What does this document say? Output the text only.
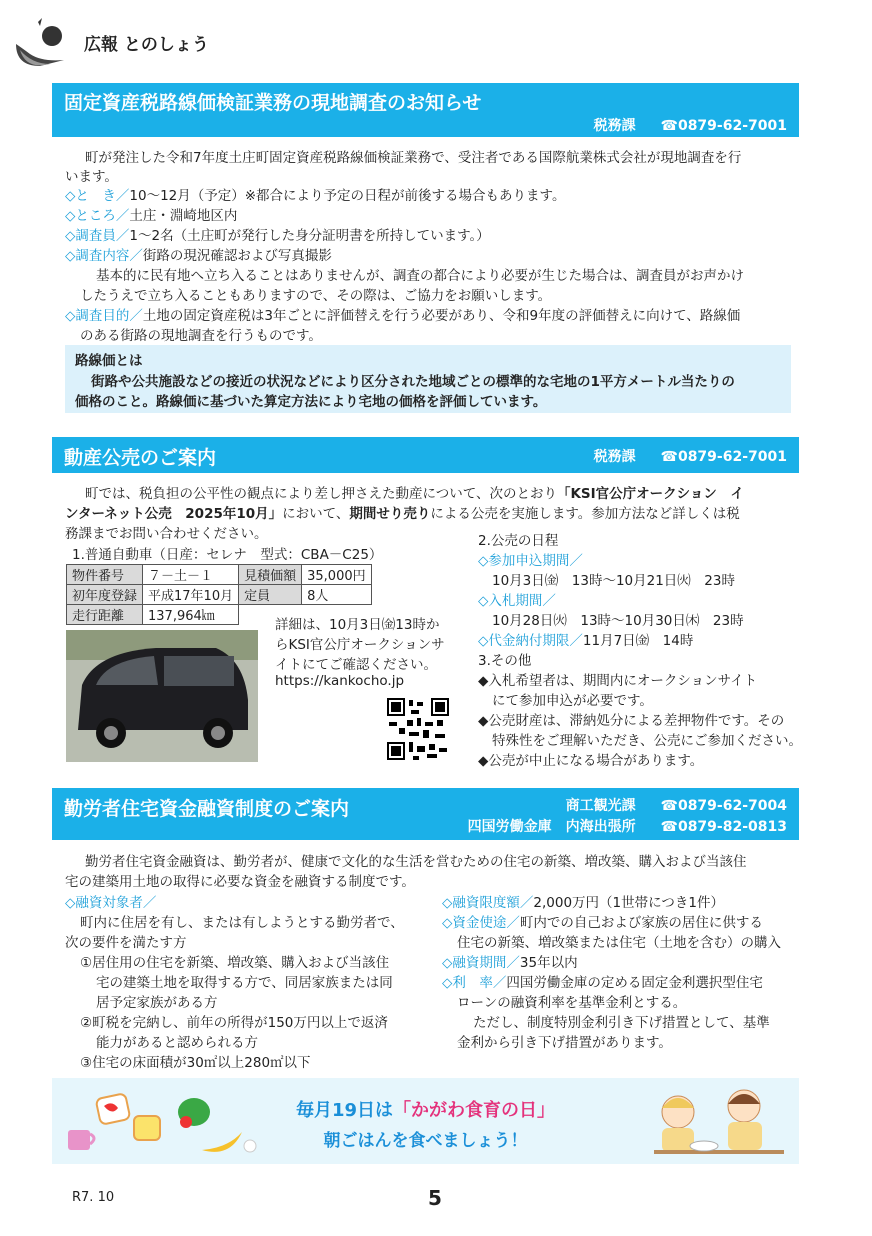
広報 とのしょう
固定資産税路線価検証業務の現地調査のお知らせ
税務課 ☎0879-62-7001
町が発注した令和7年度土庄町固定資産税路線価検証業務で、受注者である国際航業株式会社が現地調査を行
います。
◇と　き／10～12月（予定）※都合により予定の日程が前後する場合もあります。
◇ところ／土庄・淵崎地区内
◇調査員／1～2名（土庄町が発行した身分証明書を所持しています。）
◇調査内容／街路の現況確認および写真撮影
基本的に民有地へ立ち入ることはありませんが、調査の都合により必要が生じた場合は、調査員がお声かけ
したうえで立ち入ることもありますので、その際は、ご協力をお願いします。
◇調査目的／土地の固定資産税は3年ごとに評価替えを行う必要があり、令和9年度の評価替えに向けて、路線価
のある街路の現地調査を行うものです。
路線価とは
街路や公共施設などの接近の状況などにより区分された地域ごとの標準的な宅地の1平方メートル当たりの
価格のこと。路線価に基づいた算定方法により宅地の価格を評価しています。
動産公売のご案内	税務課 ☎0879-62-7001
町では、税負担の公平性の観点により差し押さえた動産について、次のとおり「KSI官公庁オークション　イ
ンターネット公売　2025年10月」において、期間せり売りによる公売を実施します。参加方法など詳しくは税
務課までお問い合わせください。
1.普通自動車（日産：セレナ　型式：CBA－C25）
物件番号	７－土－１	見積価額	35,000円
初年度登録	平成17年10月	定員	8人
走行距離	137,964㎞		
詳細は、10月3日㈮13時か
らKSI官公庁オークションサ
イトにてご確認ください。
https://kankocho.jp
2.公売の日程
◇参加申込期間／
10月3日㈮　13時～10月21日㈫　23時
◇入札期間／
10月28日㈫　13時～10月30日㈭　23時
◇代金納付期限／11月7日㈮　14時
3.その他
◆入札希望者は、期間内にオークションサイト
にて参加申込が必要です。
◆公売財産は、滞納処分による差押物件です。その
特殊性をご理解いただき、公売にご参加ください。
◆公売が中止になる場合があります。
勤労者住宅資金融資制度のご案内	商工観光課 ☎0879-62-7004
四国労働金庫　内海出張所 ☎0879-82-0813
勤労者住宅資金融資は、勤労者が、健康で文化的な生活を営むための住宅の新築、増改築、購入および当該住
宅の建築用土地の取得に必要な資金を融資する制度です。
◇融資対象者／
町内に住居を有し、または有しようとする勤労者で、
次の要件を満たす方
①居住用の住宅を新築、増改築、購入および当該住
宅の建築土地を取得する方で、同居家族または同
居予定家族がある方
②町税を完納し、前年の所得が150万円以上で返済
能力があると認められる方
③住宅の床面積が30㎡以上280㎡以下
◇融資限度額／2,000万円（1世帯につき1件）
◇資金使途／町内での自己および家族の居住に供する
住宅の新築、増改築または住宅（土地を含む）の購入
◇融資期間／35年以内
◇利　率／四国労働金庫の定める固定金利選択型住宅
ローンの融資利率を基準金利とする。
ただし、制度特別金利引き下げ措置として、基準
金利から引き下げ措置があります。
毎月19日は「かがわ食育の日」
朝ごはんを食べましょう！
R7. 10	5
